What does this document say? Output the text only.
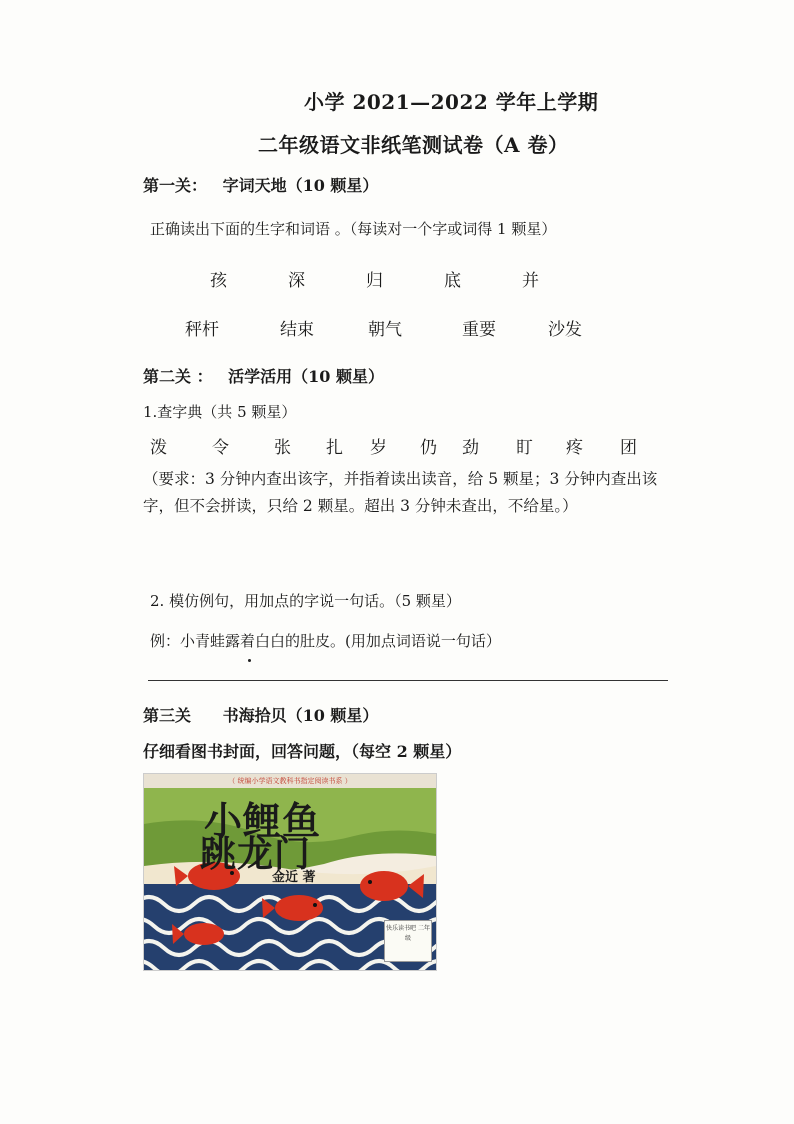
小学 2021—2022 学年上学期
二年级语文非纸笔测试卷（A 卷）
第一关： 字词天地（10 颗星）
正确读出下面的生字和词语 。（每读对一个字或词得 1 颗星）
孩	深	归	底	并
秤杆	结束	朝气	重要	沙发
第二关 ： 活学活用（10 颗星）
1.查字典（共 5 颗星）
泼	令	张 扎 岁 仍 劲 盯 疼 团
（要求：3 分钟内查出该字，并指着读出读音，给 5 颗星；3 分钟内查出该字，但不会拼读，只给 2 颗星。超出 3 分钟未查出，不给星。）
2. 模仿例句，用加点的字说一句话。（5 颗星）
例：小青蛙露着白白的肚皮。(用加点词语说一句话）
第三关 书海拾贝（10 颗星）
仔细看图书封面，回答问题，（每空 2 颗星）
（ 统编小学语文教科书指定阅读书系 ）
小鲤鱼
跳龙门
金近 著
快乐读书吧 二年级
